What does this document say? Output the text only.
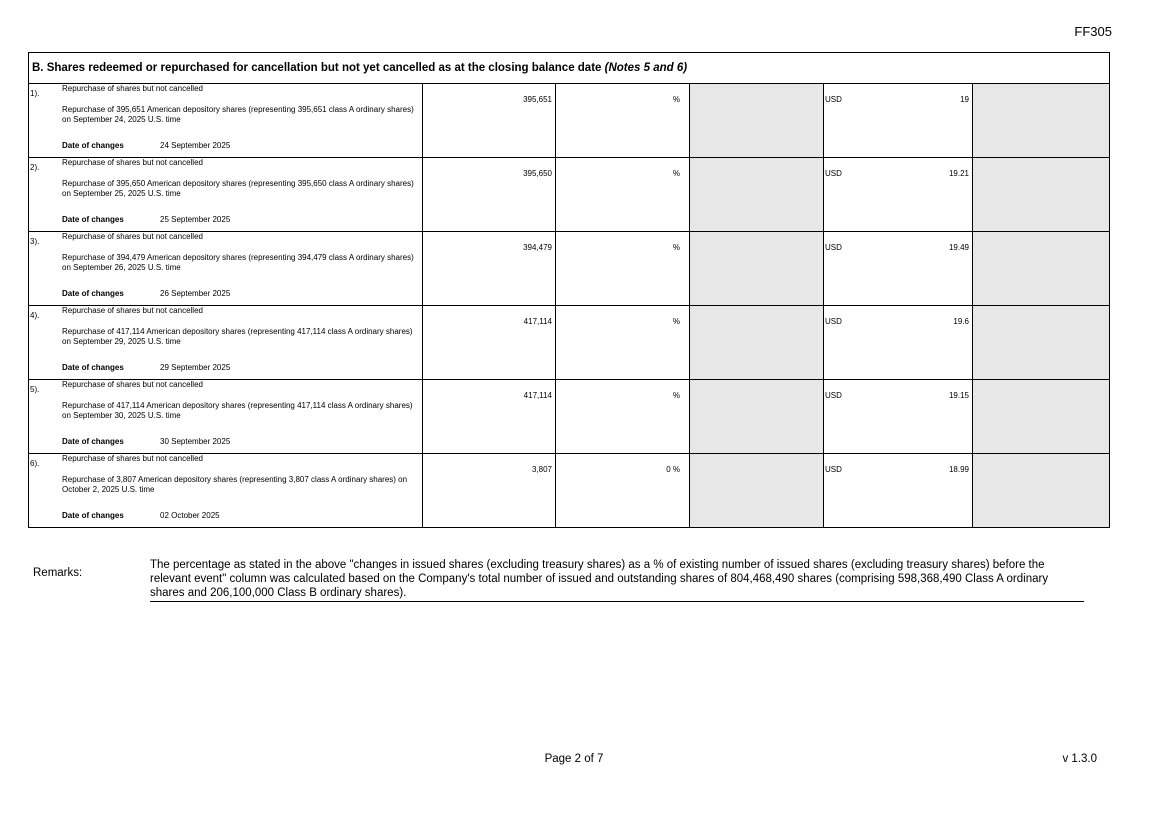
FF305
B. Shares redeemed or repurchased for cancellation but not yet cancelled as at the closing balance date (Notes 5 and 6)					

1).
Repurchase of shares but not cancelled
Repurchase of 395,651 American depository shares (representing 395,651 class A ordinary shares) on September 24, 2025 U.S. time
Date of changes 24 September 2025	395,651	%		USD 19	

2).
Repurchase of shares but not cancelled
Repurchase of 395,650 American depository shares (representing 395,650 class A ordinary shares) on September 25, 2025 U.S. time
Date of changes 25 September 2025	395,650	%		USD 19.21	

3).
Repurchase of shares but not cancelled
Repurchase of 394,479 American depository shares (representing 394,479 class A ordinary shares) on September 26, 2025 U.S. time
Date of changes 26 September 2025	394,479	%		USD 19.49	

4).
Repurchase of shares but not cancelled
Repurchase of 417,114 American depository shares (representing 417,114 class A ordinary shares) on September 29, 2025 U.S. time
Date of changes 29 September 2025	417,114	%		USD 19.6	

5).
Repurchase of shares but not cancelled
Repurchase of 417,114 American depository shares (representing 417,114 class A ordinary shares) on September 30, 2025 U.S. time
Date of changes 30 September 2025	417,114	%		USD 19.15	

6).
Repurchase of shares but not cancelled
Repurchase of 3,807 American depository shares (representing 3,807 class A ordinary shares) on October 2, 2025 U.S. time
Date of changes 02 October 2025	3,807	0 %		USD 18.99	

Remarks:
The percentage as stated in the above "changes in issued shares (excluding treasury shares) as a % of existing number of issued shares (excluding treasury shares) before the relevant event" column was calculated based on the Company's total number of issued and outstanding shares of 804,468,490 shares (comprising 598,368,490 Class A ordinary shares and 206,100,000 Class B ordinary shares).
Page 2 of 7	v 1.3.0
